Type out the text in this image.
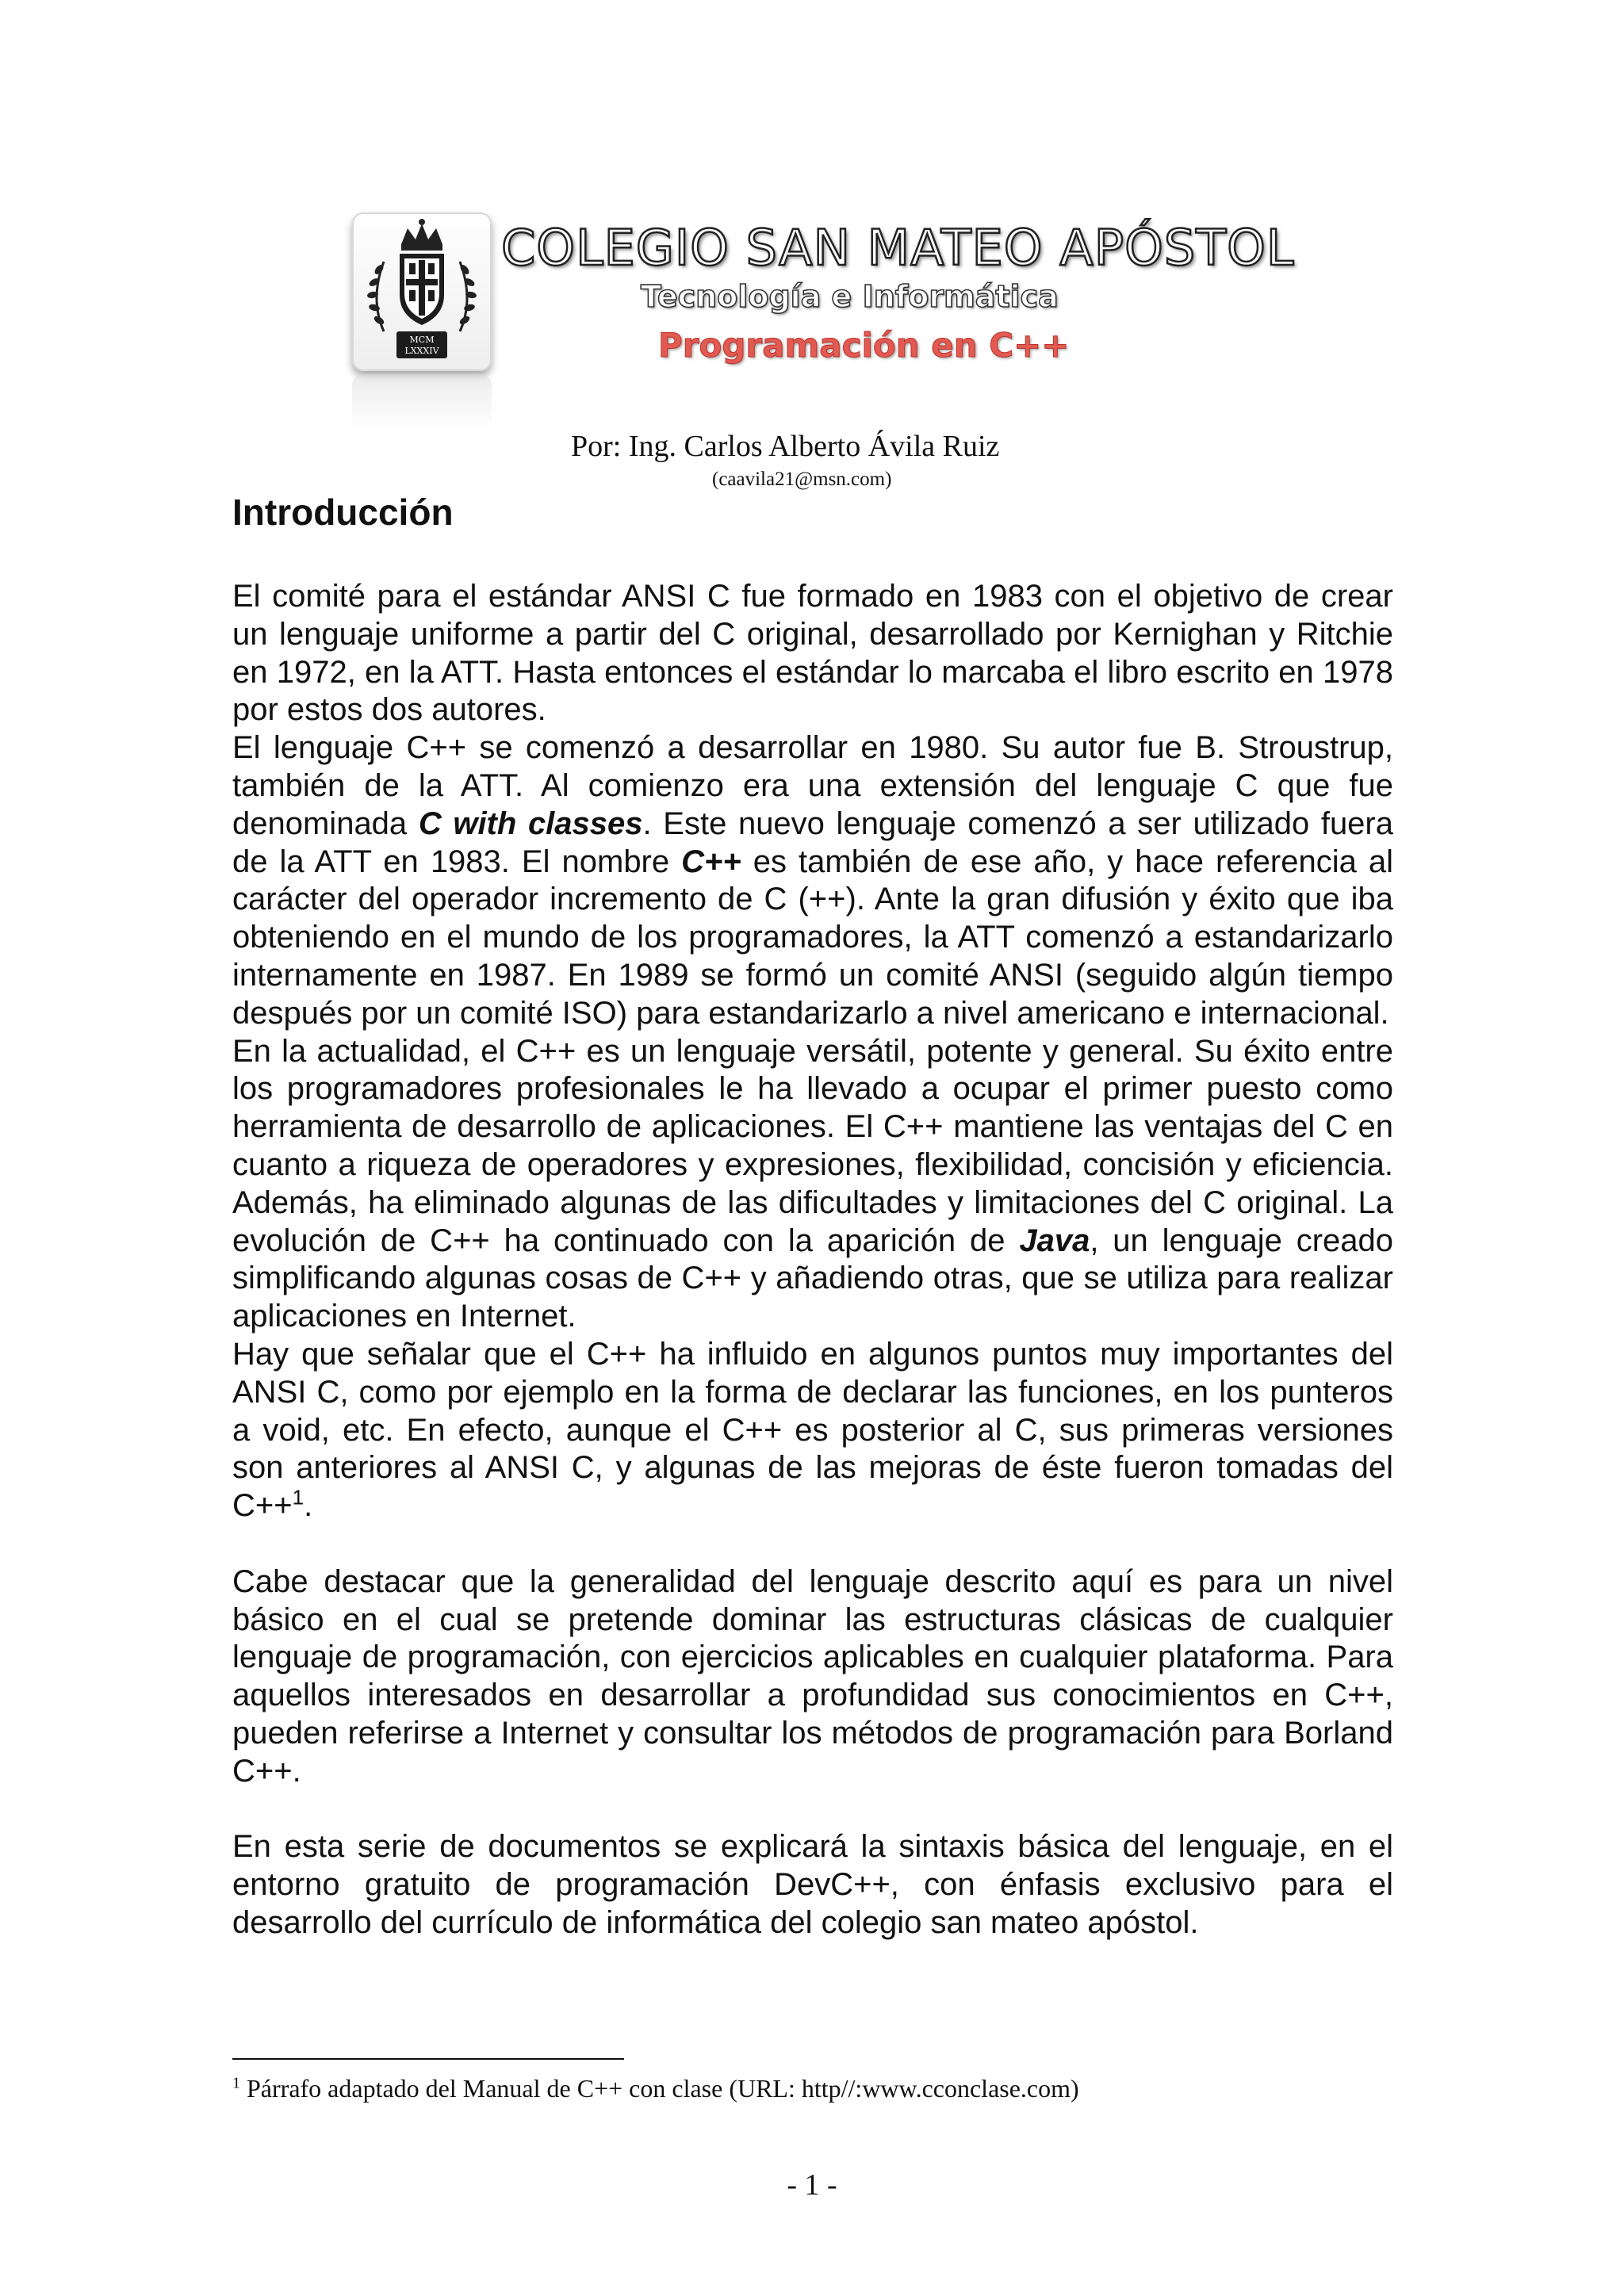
MCM
LXXXIV
COLEGIO SAN MATEO APÓSTOL
Tecnología e Informática
Programación en C++
Por: Ing. Carlos Alberto Ávila Ruiz
(caavila21@msn.com)
Introducción

El comité para el estándar ANSI C fue formado en 1983 con el objetivo de crear un lenguaje uniforme a partir del C original, desarrollado por Kernighan y Ritchie en 1972, en la ATT. Hasta entonces el estándar lo marcaba el libro escrito en 1978 por estos dos autores.

El lenguaje C++ se comenzó a desarrollar en 1980. Su autor fue B. Stroustrup, también de la ATT. Al comienzo era una extensión del lenguaje C que fue denominada C with classes. Este nuevo lenguaje comenzó a ser utilizado fuera de la ATT en 1983. El nombre C++ es también de ese año, y hace referencia al carácter del operador incremento de C (++). Ante la gran difusión y éxito que iba obteniendo en el mundo de los programadores, la ATT comenzó a estandarizarlo internamente en 1987. En 1989 se formó un comité ANSI (seguido algún tiempo después por un comité ISO) para estandarizarlo a nivel americano e internacional.

En la actualidad, el C++ es un lenguaje versátil, potente y general. Su éxito entre los programadores profesionales le ha llevado a ocupar el primer puesto como herramienta de desarrollo de aplicaciones. El C++ mantiene las ventajas del C en cuanto a riqueza de operadores y expresiones, flexibilidad, concisión y eficiencia. Además, ha eliminado algunas de las dificultades y limitaciones del C original. La evolución de C++ ha continuado con la aparición de Java, un lenguaje creado simplificando algunas cosas de C++ y añadiendo otras, que se utiliza para realizar aplicaciones en Internet.

Hay que señalar que el C++ ha influido en algunos puntos muy importantes del ANSI C, como por ejemplo en la forma de declarar las funciones, en los punteros a void, etc. En efecto, aunque el C++ es posterior al C, sus primeras versiones son anteriores al ANSI C, y algunas de las mejoras de éste fueron tomadas del C++$^1$.

Cabe destacar que la generalidad del lenguaje descrito aquí es para un nivel básico en el cual se pretende dominar las estructuras clásicas de cualquier lenguaje de programación, con ejercicios aplicables en cualquier plataforma. Para aquellos interesados en desarrollar a profundidad sus conocimientos en C++, pueden referirse a Internet y consultar los métodos de programación para Borland C++.

En esta serie de documentos se explicará la sintaxis básica del lenguaje, en el entorno gratuito de programación DevC++, con énfasis exclusivo para el desarrollo del currículo de informática del colegio san mateo apóstol.

$^1$ Párrafo adaptado del Manual de C++ con clase (URL: http//:www.cconclase.com)
- 1 -
